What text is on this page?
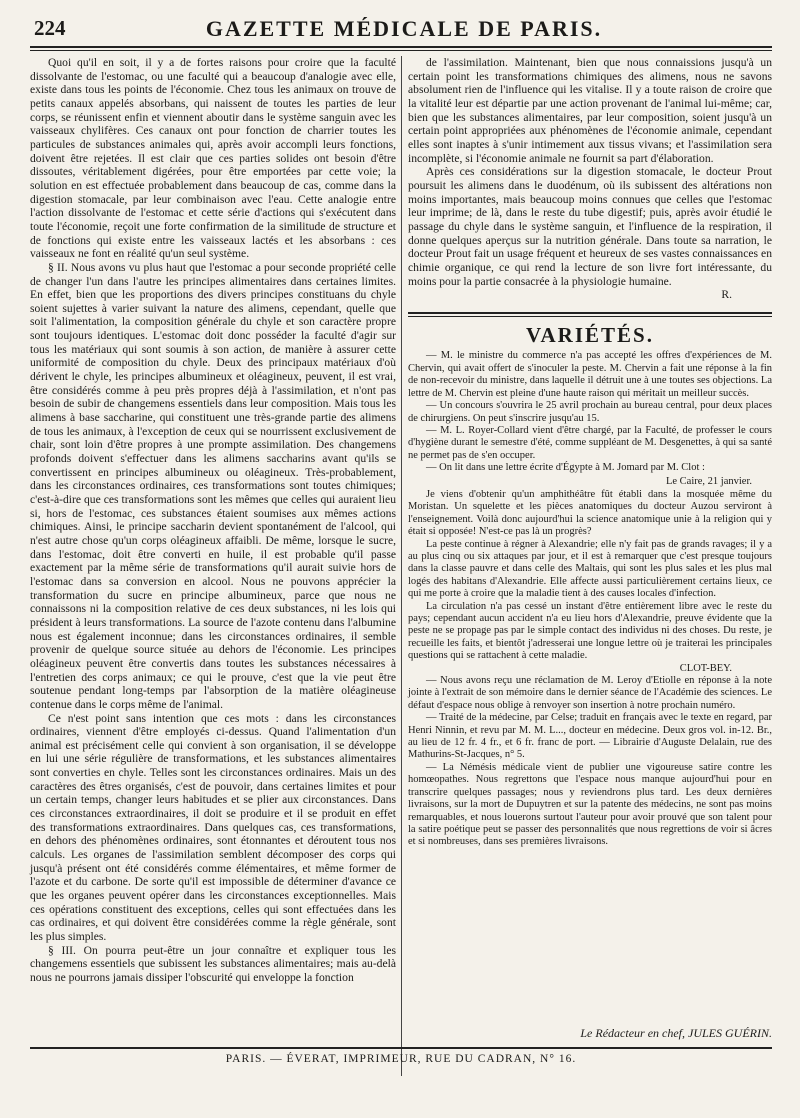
224	GAZETTE MÉDICALE DE PARIS.

Quoi qu'il en soit, il y a de fortes raisons pour croire que la faculté dissolvante de l'estomac, ou une faculté qui a beaucoup d'analogie avec elle, existe dans tous les points de l'économie. Chez tous les animaux on trouve de petits canaux appelés absorbans, qui naissent de toutes les parties de leur corps, se réunissent enfin et viennent aboutir dans le système sanguin avec les vaisseaux chylifères. Ces canaux ont pour fonction de charrier toutes les particules de substances animales qui, après avoir accompli leurs fonctions, doivent être rejetées. Il est clair que ces parties solides ont besoin d'être dissoutes, véritablement digérées, pour être emportées par cette voie; la solution en est effectuée probablement dans beaucoup de cas, comme dans la digestion stomacale, par leur combinaison avec l'eau. Cette analogie entre l'action dissolvante de l'estomac et cette série d'actions qui s'exécutent dans toute l'économie, reçoit une forte confirmation de la similitude de structure et de fonctions qui existe entre les vaisseaux lactés et les absorbans : ces vaisseaux ne font en réalité qu'un seul système.

§ II. Nous avons vu plus haut que l'estomac a pour seconde propriété celle de changer l'un dans l'autre les principes alimentaires dans certaines limites. En effet, bien que les proportions des divers principes constituans du chyle soient sujettes à varier suivant la nature des alimens, cependant, quelle que soit l'alimentation, la composition générale du chyle et son caractère propre sont toujours identiques. L'estomac doit donc posséder la faculté d'agir sur tous les matériaux qui sont soumis à son action, de manière à assurer cette uniformité de composition du chyle. Deux des principaux matériaux d'où dérivent le chyle, les principes albumineux et oléagineux, peuvent, il est vrai, être considérés comme à peu près propres déjà à l'assimilation, et n'ont pas besoin de subir de changemens essentiels dans leur composition. Mais tous les alimens à base saccharine, qui constituent une très-grande partie des alimens de tous les animaux, à l'exception de ceux qui se nourrissent exclusivement de chair, sont loin d'être propres à une prompte assimilation. Des changemens profonds doivent s'effectuer dans les alimens saccharins avant qu'ils se convertissent en principes albumineux ou oléagineux. Très-probablement, dans les circonstances ordinaires, ces transformations sont toutes chimiques; c'est-à-dire que ces transformations sont les mêmes que celles qui auraient lieu si, hors de l'estomac, ces substances étaient soumises aux mêmes actions chimiques. Ainsi, le principe saccharin devient spontanément de l'alcool, qui n'est autre chose qu'un corps oléagineux affaibli. De même, lorsque le sucre, dans l'estomac, doit être converti en huile, il est probable qu'il passe exactement par la même série de transformations qu'il aurait suivie hors de l'estomac dans sa conversion en alcool. Nous ne pouvons apprécier la transformation du sucre en principe albumineux, parce que nous ne connaissons ni la composition relative de ces deux substances, ni les lois qui président à leurs transformations. La source de l'azote contenu dans l'albumine nous est également inconnue; dans les circonstances ordinaires, il semble provenir de quelque source située au dehors de l'économie. Les principes oléagineux peuvent être convertis dans toutes les substances nécessaires à l'entretien des corps animaux; ce qui le prouve, c'est que la vie peut être soutenue pendant long-temps par l'absorption de la matière oléagineuse contenue dans le corps même de l'animal.

Ce n'est point sans intention que ces mots : dans les circonstances ordinaires, viennent d'être employés ci-dessus. Quand l'alimentation d'un animal est précisément celle qui convient à son organisation, il se développe en lui une série régulière de transformations, et les substances alimentaires sont converties en chyle. Telles sont les circonstances ordinaires. Mais un des caractères des êtres organisés, c'est de pouvoir, dans certaines limites et pour un certain temps, changer leurs habitudes et se plier aux circonstances. Dans ces circonstances extraordinaires, il doit se produire et il se produit en effet des transformations extraordinaires. Dans quelques cas, ces transformations, en dehors des phénomènes ordinaires, sont étonnantes et déroutent tous nos calculs. Les organes de l'assimilation semblent décomposer des corps qui jusqu'à présent ont été considérés comme élémentaires, et même former de l'azote et du carbone. De sorte qu'il est impossible de déterminer d'avance ce que les organes peuvent opérer dans les circonstances exceptionnelles. Mais ces opérations constituent des exceptions, celles qui sont effectuées dans les cas ordinaires, et qui doivent être considérées comme la règle générale, sont les plus simples.

§ III. On pourra peut-être un jour connaître et expliquer tous les changemens essentiels que subissent les substances alimentaires; mais au-delà nous ne pourrons jamais dissiper l'obscurité qui enveloppe la fonction

de l'assimilation. Maintenant, bien que nous connaissions jusqu'à un certain point les transformations chimiques des alimens, nous ne savons absolument rien de l'influence qui les vitalise. Il y a toute raison de croire que la vitalité leur est départie par une action provenant de l'animal lui-même; car, bien que les substances alimentaires, par leur composition, soient jusqu'à un certain point appropriées aux phénomènes de l'économie animale, cependant elles sont inaptes à s'unir intimement aux tissus vivans; et l'assimilation sera incomplète, si l'économie animale ne fournit sa part d'élaboration.

Après ces considérations sur la digestion stomacale, le docteur Prout poursuit les alimens dans le duodénum, où ils subissent des altérations non moins importantes, mais beaucoup moins connues que celles que l'estomac leur imprime; de là, dans le reste du tube digestif; puis, après avoir étudié le passage du chyle dans le système sanguin, et l'influence de la respiration, il donne quelques aperçus sur la nutrition générale. Dans toute sa narration, le docteur Prout fait un usage fréquent et heureux de ses vastes connaissances en chimie organique, ce qui rend la lecture de son livre fort intéressante, du moins pour la partie consacrée à la physiologie humaine.

R.
VARIÉTÉS.

— M. le ministre du commerce n'a pas accepté les offres d'expériences de M. Chervin, qui avait offert de s'inoculer la peste. M. Chervin a fait une réponse à la fin de non-recevoir du ministre, dans laquelle il détruit une à une toutes ses objections. La lettre de M. Chervin est pleine d'une haute raison qui méritait un meilleur succès.

— Un concours s'ouvrira le 25 avril prochain au bureau central, pour deux places de chirurgiens. On peut s'inscrire jusqu'au 15.

— M. L. Royer-Collard vient d'être chargé, par la Faculté, de professer le cours d'hygiène durant le semestre d'été, comme suppléant de M. Desgenettes, à qui sa santé ne permet pas de s'en occuper.

— On lit dans une lettre écrite d'Égypte à M. Jomard par M. Clot :

Le Caire, 21 janvier.

Je viens d'obtenir qu'un amphithéâtre fût établi dans la mosquée même du Moristan. Un squelette et les pièces anatomiques du docteur Auzou serviront à l'enseignement. Voilà donc aujourd'hui la science anatomique unie à la religion qui y était si opposée! N'est-ce pas là un progrès?

La peste continue à régner à Alexandrie; elle n'y fait pas de grands ravages; il y a au plus cinq ou six attaques par jour, et il est à remarquer que c'est presque toujours dans la classe pauvre et dans celle des Maltais, qui sont les plus sales et les plus mal logés des habitans d'Alexandrie. Elle affecte aussi particulièrement certains lieux, ce qui me porte à croire que la maladie tient à des causes locales d'infection.

La circulation n'a pas cessé un instant d'être entièrement libre avec le reste du pays; cependant aucun accident n'a eu lieu hors d'Alexandrie, preuve évidente que la peste ne se propage pas par le simple contact des individus ni des choses. Du reste, je recueille les faits, et bientôt j'adresserai une longue lettre où je traiterai les principales questions qui se rattachent à cette maladie.

CLOT-BEY.

— Nous avons reçu une réclamation de M. Leroy d'Etiolle en réponse à la note jointe à l'extrait de son mémoire dans le dernier séance de l'Académie des sciences. Le défaut d'espace nous oblige à renvoyer son insertion à notre prochain numéro.

— Traité de la médecine, par Celse; traduit en français avec le texte en regard, par Henri Ninnin, et revu par M. M. L..., docteur en médecine. Deux gros vol. in-12. Br., au lieu de 12 fr. 4 fr., et 6 fr. franc de port. — Librairie d'Auguste Delalain, rue des Mathurins-St-Jacques, n° 5.

— La Némésis médicale vient de publier une vigoureuse satire contre les homœopathes. Nous regrettons que l'espace nous manque aujourd'hui pour en transcrire quelques passages; nous y reviendrons plus tard. Les deux dernières livraisons, sur la mort de Dupuytren et sur la patente des médecins, ne sont pas moins remarquables, et nous louerons surtout l'auteur pour avoir prouvé que son talent pour la satire poétique peut se passer des personnalités que nous regrettions de voir si âcres et si nombreuses, dans ses premières livraisons.

Le Rédacteur en chef, JULES GUÉRIN.
PARIS. — ÉVERAT, IMPRIMEUR, RUE DU CADRAN, N° 16.
